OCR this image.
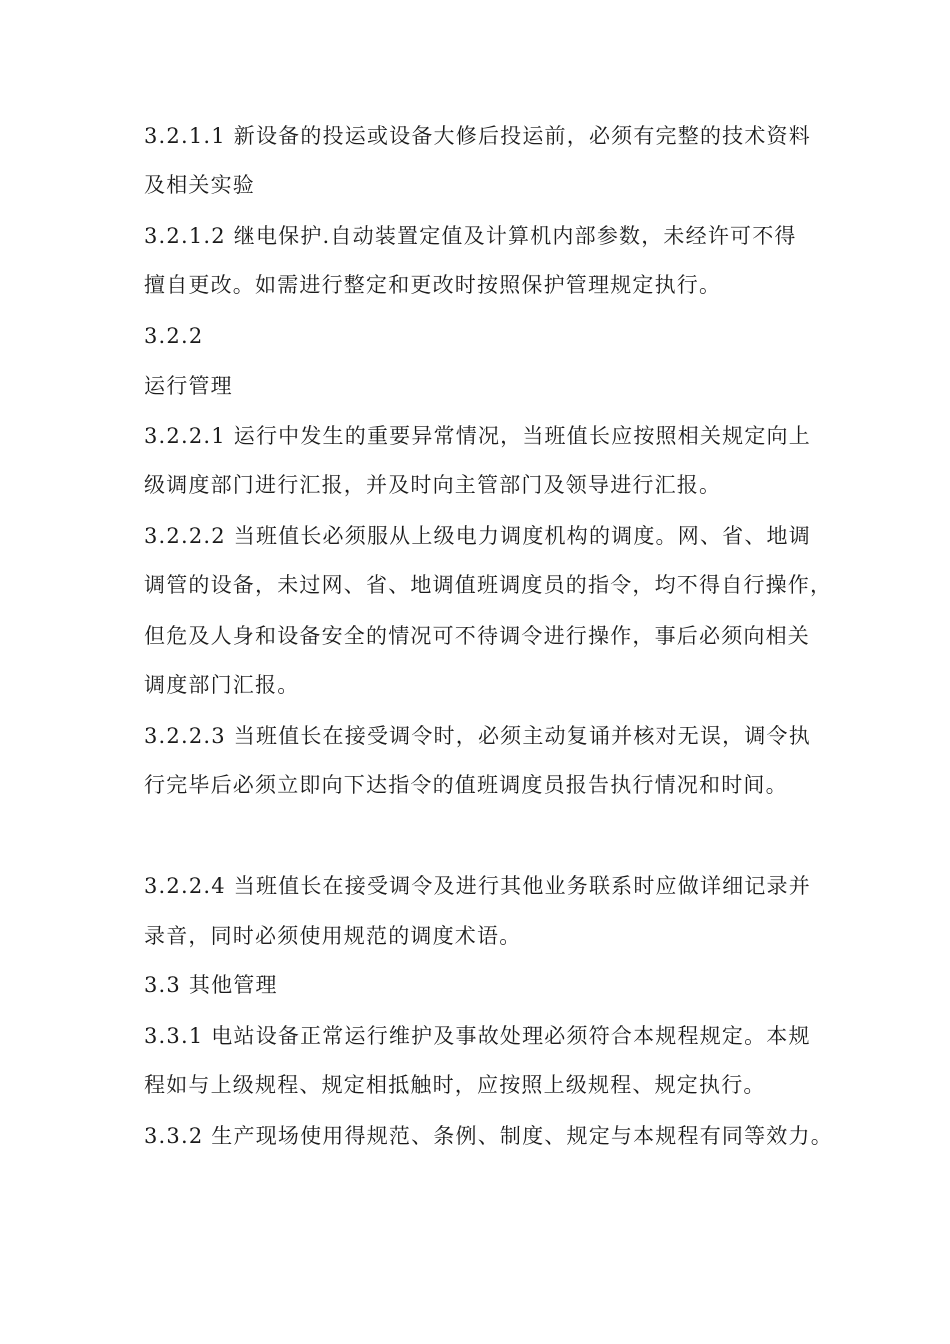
3.2.1.1 新设备的投运或设备大修后投运前，必须有完整的技术资料
及相关实验
3.2.1.2 继电保护.自动装置定值及计算机内部参数，未经许可不得
擅自更改。如需进行整定和更改时按照保护管理规定执行。
3.2.2
运行管理
3.2.2.1 运行中发生的重要异常情况，当班值长应按照相关规定向上
级调度部门进行汇报，并及时向主管部门及领导进行汇报。
3.2.2.2 当班值长必须服从上级电力调度机构的调度。网、省、地调
调管的设备，未过网、省、地调值班调度员的指令，均不得自行操作，
但危及人身和设备安全的情况可不待调令进行操作，事后必须向相关
调度部门汇报。
3.2.2.3 当班值长在接受调令时，必须主动复诵并核对无误，调令执
行完毕后必须立即向下达指令的值班调度员报告执行情况和时间。
3.2.2.4 当班值长在接受调令及进行其他业务联系时应做详细记录并
录音，同时必须使用规范的调度术语。
3.3 其他管理
3.3.1 电站设备正常运行维护及事故处理必须符合本规程规定。本规
程如与上级规程、规定相抵触时，应按照上级规程、规定执行。
3.3.2 生产现场使用得规范、条例、制度、规定与本规程有同等效力。
